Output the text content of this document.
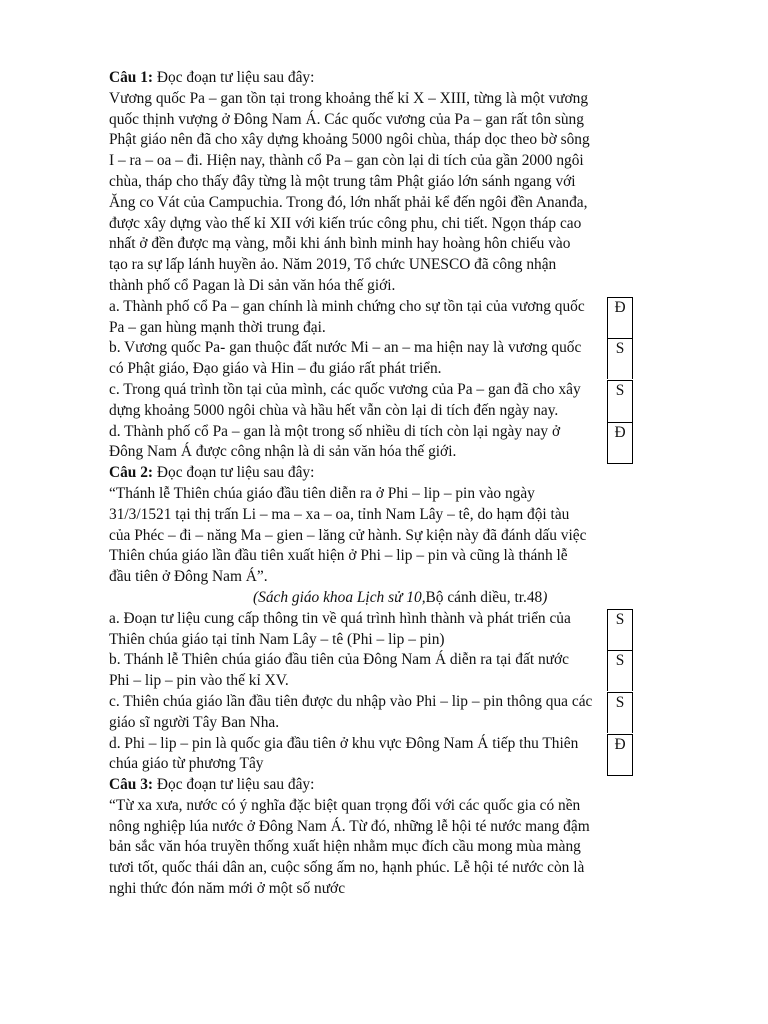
Câu 1: Đọc đoạn tư liệu sau đây:
Vương quốc Pa – gan tồn tại trong khoảng thế kỉ X – XIII, từng là một vương quốc thịnh vượng ở Đông Nam Á. Các quốc vương của Pa – gan rất tôn sùng Phật giáo nên đã cho xây dựng khoảng 5000 ngôi chùa, tháp dọc theo bờ sông I – ra – oa – đi. Hiện nay, thành cổ Pa – gan còn lại di tích của gần 2000 ngôi chùa, tháp cho thấy đây từng là một trung tâm Phật giáo lớn sánh ngang với Ăng co Vát của Campuchia. Trong đó, lớn nhất phải kể đến ngôi đền Ananđa, được xây dựng vào thế kỉ XII với kiến trúc công phu, chi tiết. Ngọn tháp cao nhất ở đền được mạ vàng, mỗi khi ánh bình minh hay hoàng hôn chiếu vào tạo ra sự lấp lánh huyền ảo. Năm 2019, Tổ chức UNESCO đã công nhận thành phố cổ Pagan là Di sản văn hóa thế giới.
a. Thành phố cổ Pa – gan chính là minh chứng cho sự tồn tại của vương quốc Pa – gan hùng mạnh thời trung đại.
Đ
b. Vương quốc Pa- gan thuộc đất nước Mi – an – ma hiện nay là vương quốc có Phật giáo, Đạo giáo và Hin – đu giáo rất phát triển.
S
c. Trong quá trình tồn tại của mình, các quốc vương của Pa – gan đã cho xây dựng khoảng 5000 ngôi chùa và hầu hết vẫn còn lại di tích đến ngày nay.
S
d. Thành phố cổ Pa – gan là một trong số nhiều di tích còn lại ngày nay ở Đông Nam Á được công nhận là di sản văn hóa thế giới.
Đ
Câu 2: Đọc đoạn tư liệu sau đây:
“Thánh lễ Thiên chúa giáo đầu tiên diễn ra ở Phi – lip – pin vào ngày 31/3/1521 tại thị trấn Li – ma – xa – oa, tỉnh Nam Lây – tê, do hạm đội tàu của Phéc – đi – năng Ma – gien – lăng cử hành. Sự kiện này đã đánh dấu việc Thiên chúa giáo lần đầu tiên xuất hiện ở Phi – lip – pin và cũng là thánh lễ đầu tiên ở Đông Nam Á”.
(Sách giáo khoa Lịch sử 10,Bộ cánh diều, tr.48)
a. Đoạn tư liệu cung cấp thông tin về quá trình hình thành và phát triển của Thiên chúa giáo tại tỉnh Nam Lây – tê (Phi – lip – pin)
S
b. Thánh lễ Thiên chúa giáo đầu tiên của Đông Nam Á diễn ra tại đất nước Phi – lip – pin vào thế kỉ XV.
S
c. Thiên chúa giáo lần đầu tiên được du nhập vào Phi – lip – pin thông qua các giáo sĩ người Tây Ban Nha.
S
d. Phi – lip – pin là quốc gia đầu tiên ở khu vực Đông Nam Á tiếp thu Thiên chúa giáo từ phương Tây
Đ
Câu 3: Đọc đoạn tư liệu sau đây:
“Từ xa xưa, nước có ý nghĩa đặc biệt quan trọng đối với các quốc gia có nền nông nghiệp lúa nước ở Đông Nam Á. Từ đó, những lễ hội té nước mang đậm bản sắc văn hóa truyền thống xuất hiện nhằm mục đích cầu mong mùa màng tươi tốt, quốc thái dân an, cuộc sống ấm no, hạnh phúc. Lễ hội té nước còn là nghi thức đón năm mới ở một số nước
